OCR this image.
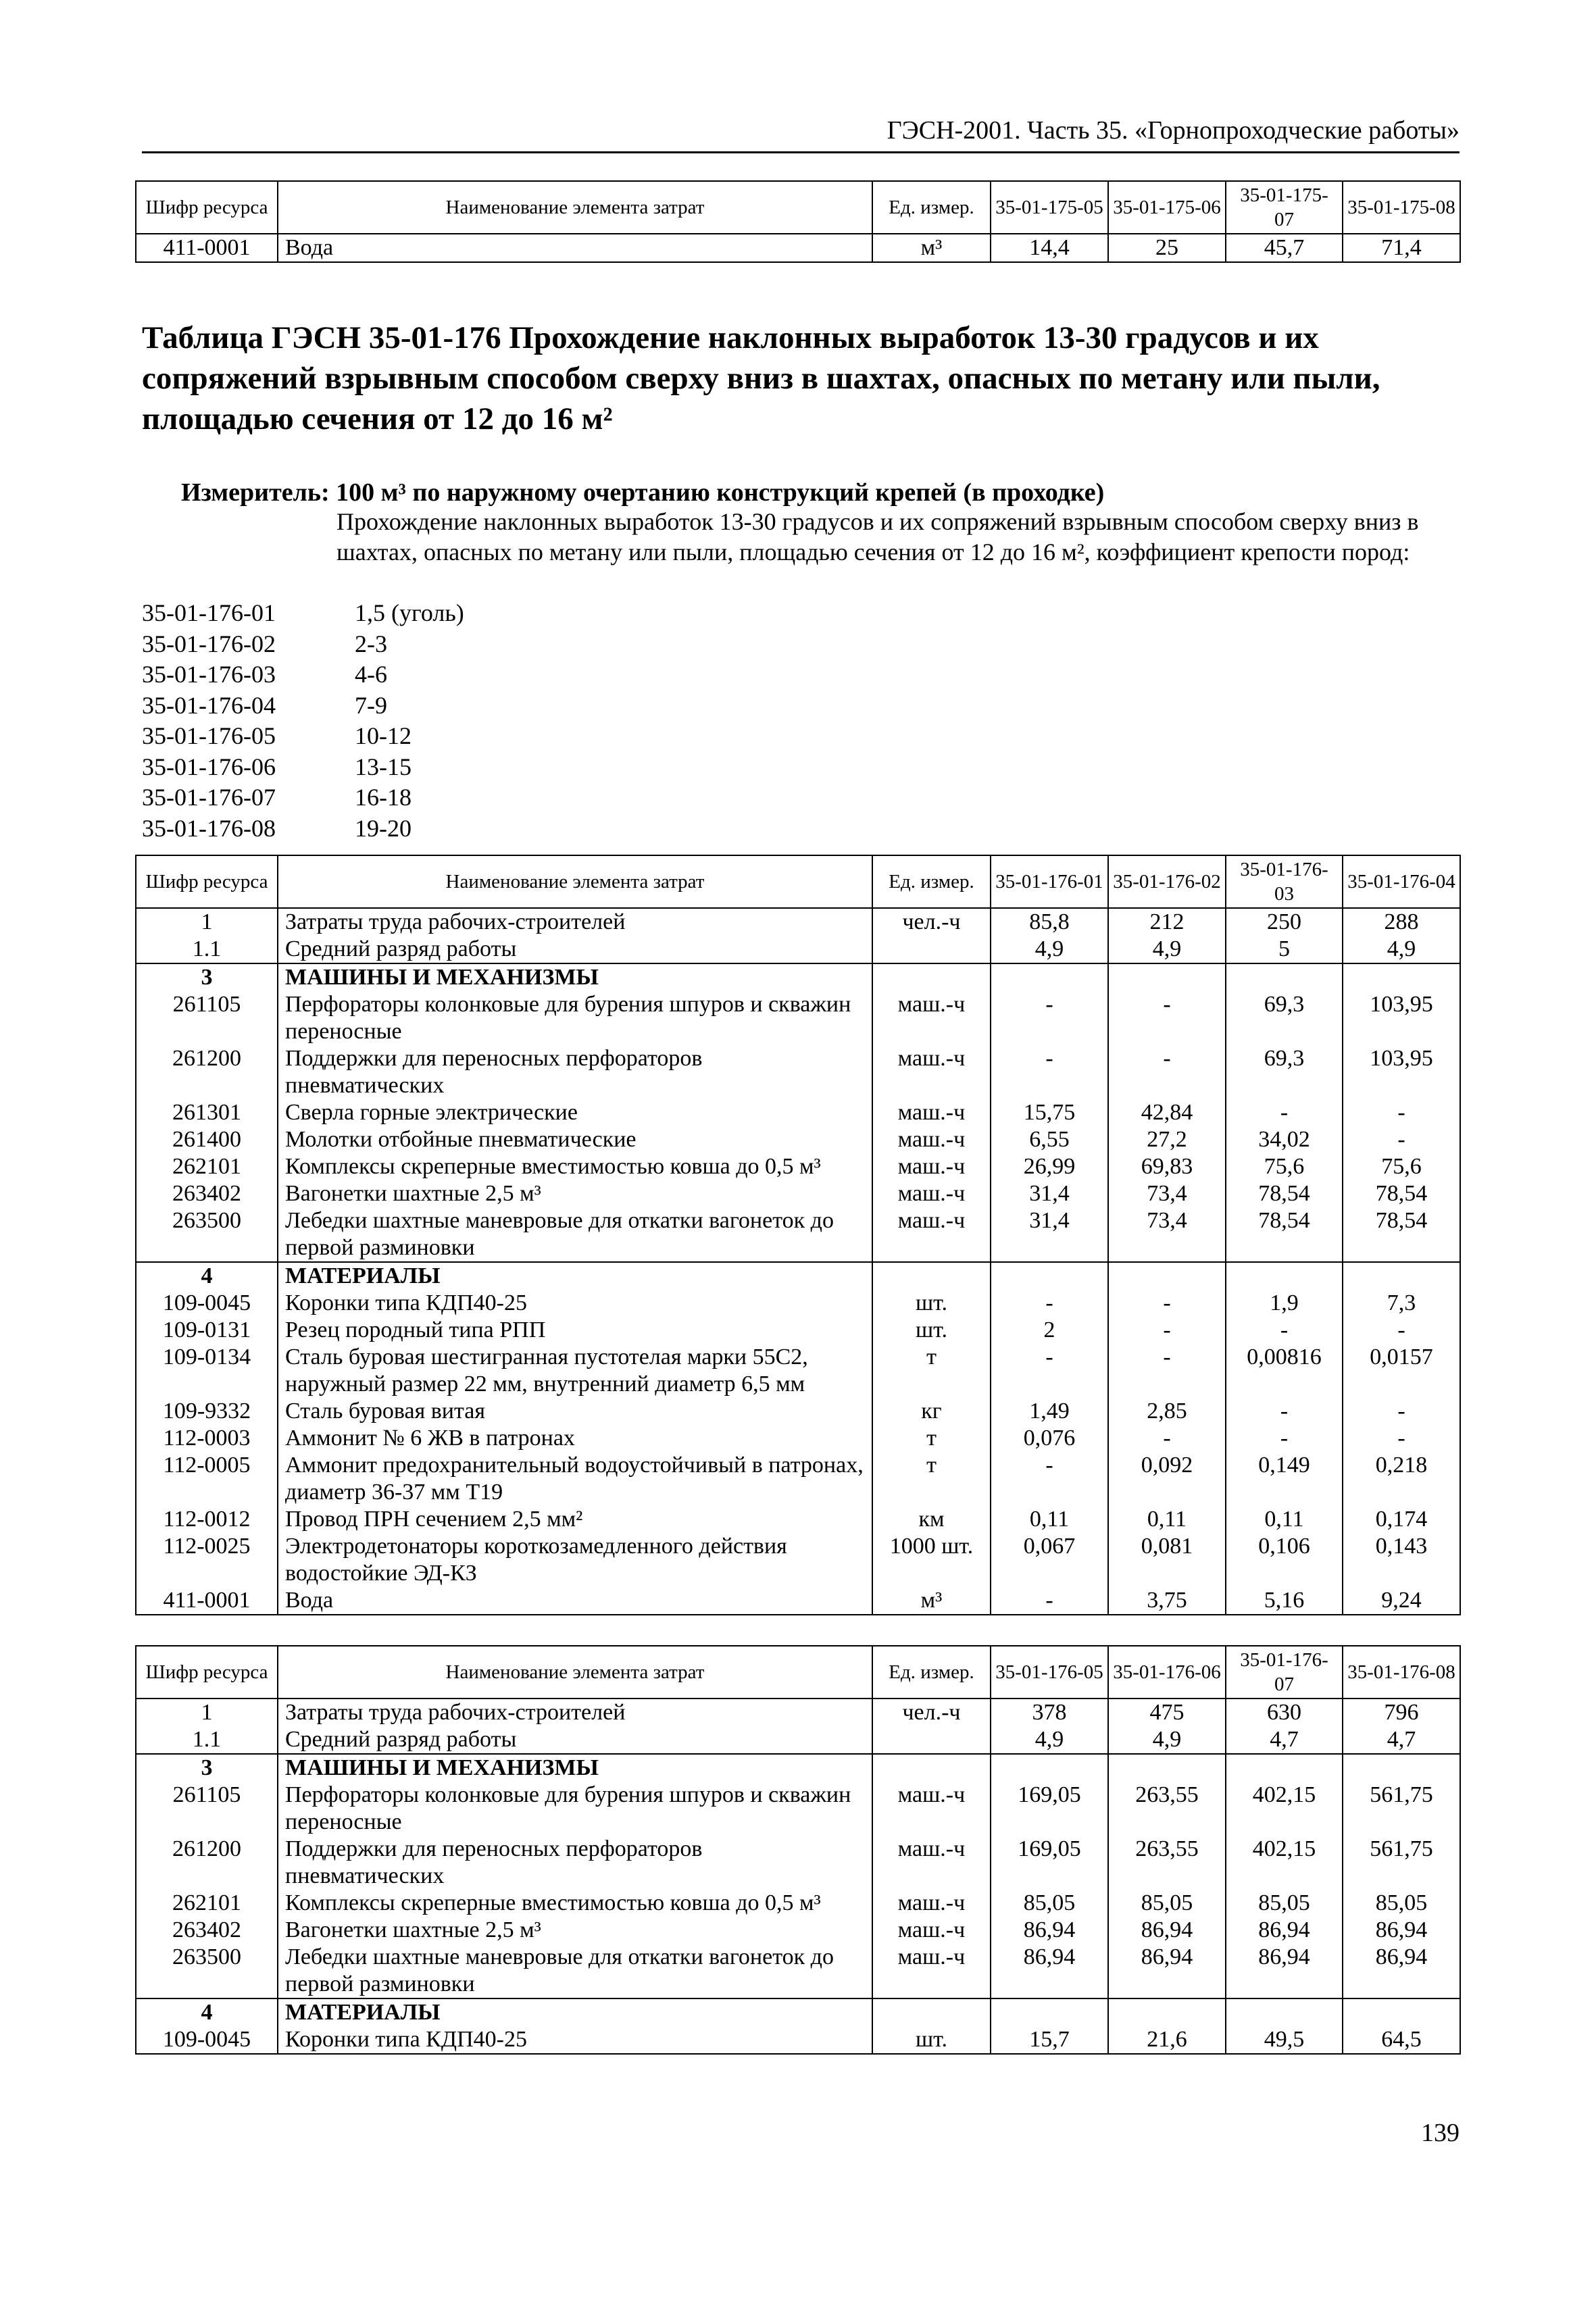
ГЭСН-2001. Часть 35. «Горнопроходческие работы»
Шифр ресурса	Наименование элемента затрат	Ед. измер.	35-01-175-05	35-01-175-06	35-01-175-07	35-01-175-08
411-0001	Вода	м³	14,4	25	45,7	71,4
Таблица ГЭСН 35-01-176 Прохождение наклонных выработок 13-30 градусов и их сопряжений взрывным способом сверху вниз в шахтах, опасных по метану или пыли, площадью сечения от 12 до 16 м²
Измеритель: 100 м³ по наружному очертанию конструкций крепей (в проходке)
Прохождение наклонных выработок 13-30 градусов и их сопряжений взрывным способом сверху вниз в шахтах, опасных по метану или пыли, площадью сечения от 12 до 16 м², коэффициент крепости пород:
35-01-176-01	1,5 (уголь)
35-01-176-02	2-3
35-01-176-03	4-6
35-01-176-04	7-9
35-01-176-05	10-12
35-01-176-06	13-15
35-01-176-07	16-18
35-01-176-08	19-20
Шифр ресурса	Наименование элемента затрат	Ед. измер.	35-01-176-01	35-01-176-02	35-01-176-03	35-01-176-04
1	Затраты труда рабочих-строителей	чел.-ч	85,8	212	250	288
1.1	Средний разряд работы		4,9	4,9	5	4,9
3	МАШИНЫ И МЕХАНИЗМЫ					
261105	Перфораторы колонковые для бурения шпуров и скважин переносные	маш.-ч	-	-	69,3	103,95
261200	Поддержки для переносных перфораторов пневматических	маш.-ч	-	-	69,3	103,95
261301	Сверла горные электрические	маш.-ч	15,75	42,84	-	-
261400	Молотки отбойные пневматические	маш.-ч	6,55	27,2	34,02	-
262101	Комплексы скреперные вместимостью ковша до 0,5 м³	маш.-ч	26,99	69,83	75,6	75,6
263402	Вагонетки шахтные 2,5 м³	маш.-ч	31,4	73,4	78,54	78,54
263500	Лебедки шахтные маневровые для откатки вагонеток до первой разминовки	маш.-ч	31,4	73,4	78,54	78,54
4	МАТЕРИАЛЫ					
109-0045	Коронки типа КДП40-25	шт.	-	-	1,9	7,3
109-0131	Резец породный типа РПП	шт.	2	-	-	-
109-0134	Сталь буровая шестигранная пустотелая марки 55С2, наружный размер 22 мм, внутренний диаметр 6,5 мм	т	-	-	0,00816	0,0157
109-9332	Сталь буровая витая	кг	1,49	2,85	-	-
112-0003	Аммонит № 6 ЖВ в патронах	т	0,076	-	-	-
112-0005	Аммонит предохранительный водоустойчивый в патронах, диаметр 36-37 мм Т19	т	-	0,092	0,149	0,218
112-0012	Провод ПРН сечением 2,5 мм²	км	0,11	0,11	0,11	0,174
112-0025	Электродетонаторы короткозамедленного действия водостойкие ЭД-КЗ	1000 шт.	0,067	0,081	0,106	0,143
411-0001	Вода	м³	-	3,75	5,16	9,24
Шифр ресурса	Наименование элемента затрат	Ед. измер.	35-01-176-05	35-01-176-06	35-01-176-07	35-01-176-08
1	Затраты труда рабочих-строителей	чел.-ч	378	475	630	796
1.1	Средний разряд работы		4,9	4,9	4,7	4,7
3	МАШИНЫ И МЕХАНИЗМЫ					
261105	Перфораторы колонковые для бурения шпуров и скважин переносные	маш.-ч	169,05	263,55	402,15	561,75
261200	Поддержки для переносных перфораторов пневматических	маш.-ч	169,05	263,55	402,15	561,75
262101	Комплексы скреперные вместимостью ковша до 0,5 м³	маш.-ч	85,05	85,05	85,05	85,05
263402	Вагонетки шахтные 2,5 м³	маш.-ч	86,94	86,94	86,94	86,94
263500	Лебедки шахтные маневровые для откатки вагонеток до первой разминовки	маш.-ч	86,94	86,94	86,94	86,94
4	МАТЕРИАЛЫ					
109-0045	Коронки типа КДП40-25	шт.	15,7	21,6	49,5	64,5
139
